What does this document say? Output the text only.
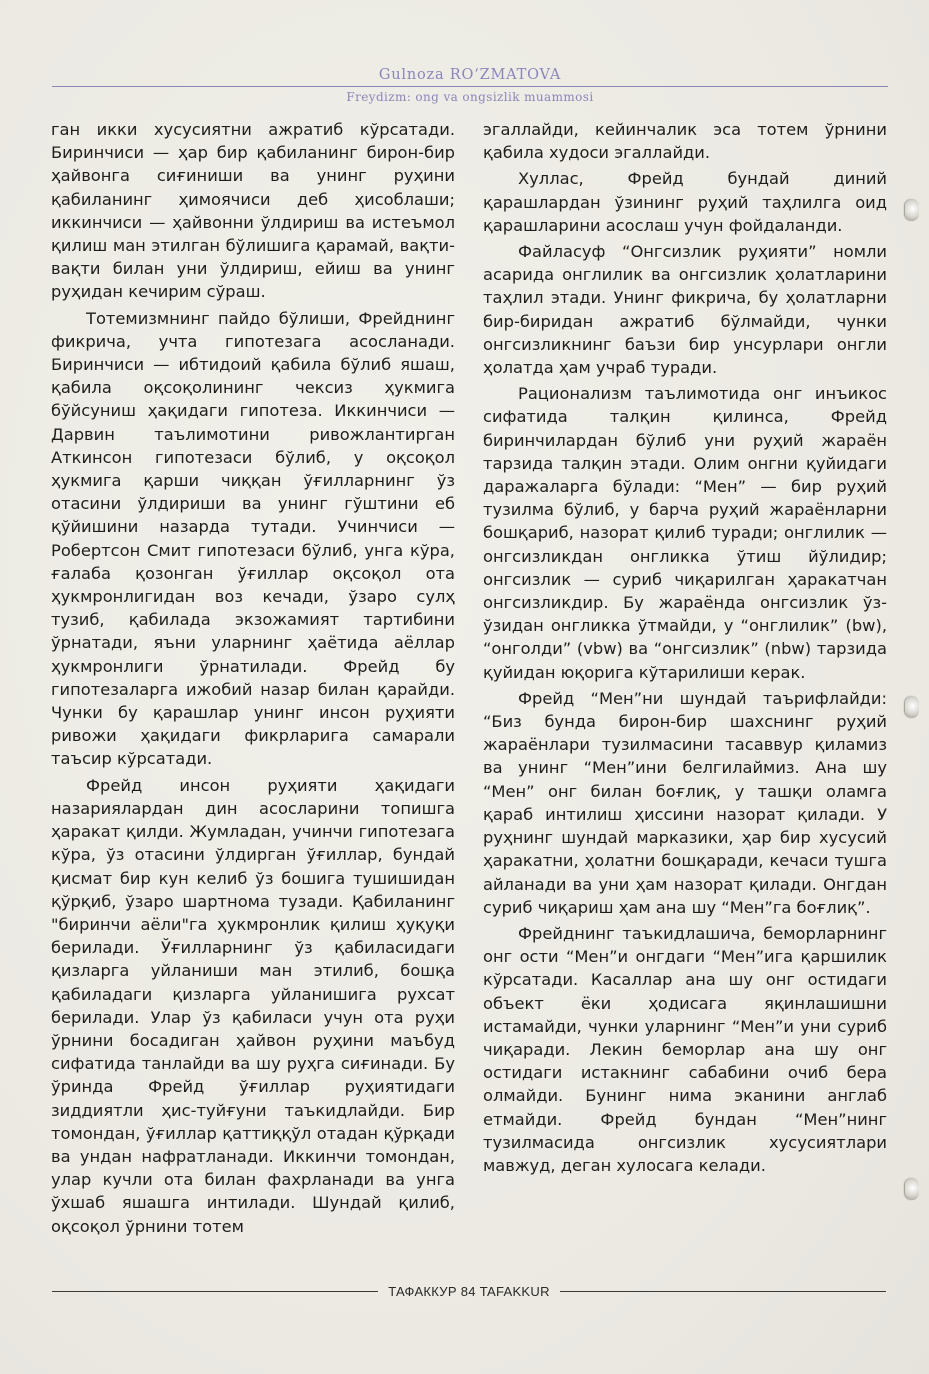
Gulnoza RO‘ZMATOVA
Freydizm: ong va ongsizlik muammosi

ган икки хусусиятни ажратиб кўрсатади. Биринчиси — ҳар бир қабиланинг бирон-бир ҳайвонга сиғиниши ва унинг руҳини қабиланинг ҳимоячиси деб ҳисоблаши; иккинчиси — ҳайвонни ўлдириш ва истеъмол қилиш ман этилган бўлишига қарамай, вақти-вақти билан уни ўлдириш, ейиш ва унинг руҳидан кечирим сўраш.

Тотемизмнинг пайдо бўлиши, Фрейднинг фикрича, учта гипотезага асосланади. Биринчиси — ибтидоий қабила бўлиб яшаш, қабила оқсоқолининг чексиз ҳукмига бўйсуниш ҳақидаги гипотеза. Иккинчиси — Дарвин таълимотини ривожлантирган Аткинсон гипотезаси бўлиб, у оқсоқол ҳукмига қарши чиққан ўғилларнинг ўз отасини ўлдириши ва унинг гўштини еб қўйишини назарда тутади. Учинчиси — Робертсон Смит гипотезаси бўлиб, унга кўра, ғалаба қозонган ўғиллар оқсоқол ота ҳукмронлигидан воз кечади, ўзаро сулҳ тузиб, қабилада экзожамият тартибини ўрнатади, яъни уларнинг ҳаётида аёллар ҳукмронлиги ўрнатилади. Фрейд бу гипотезаларга ижобий назар билан қарайди. Чунки бу қарашлар унинг инсон руҳияти ривожи ҳақидаги фикрларига самарали таъсир кўрсатади.

Фрейд инсон руҳияти ҳақидаги назариялардан дин асосларини топишга ҳаракат қилди. Жумладан, учинчи гипотезага кўра, ўз отасини ўлдирган ўғиллар, бундай қисмат бир кун келиб ўз бошига тушишидан қўрқиб, ўзаро шартнома тузади. Қабиланинг "биринчи аёли"га ҳукмронлик қилиш ҳуқуқи берилади. Ўғилларнинг ўз қабиласидаги қизларга уйланиши ман этилиб, бошқа қабиладаги қизларга уйланишига рухсат берилади. Улар ўз қабиласи учун ота руҳи ўрнини босадиган ҳайвон руҳини маъбуд сифатида танлайди ва шу руҳга сиғинади. Бу ўринда Фрейд ўғиллар руҳиятидаги зиддиятли ҳис-туйғуни таъкидлайди. Бир томондан, ўғиллар қаттиққўл отадан қўрқади ва ундан нафратланади. Иккинчи томондан, улар кучли ота билан фахрланади ва унга ўхшаб яшашга интилади. Шундай қилиб, оқсоқол ўрнини тотем

эгаллайди, кейинчалик эса тотем ўрнини қабила худоси эгаллайди.

Хуллас, Фрейд бундай диний қарашлардан ўзининг руҳий таҳлилга оид қарашларини асослаш учун фойдаланди.

Файласуф “Онгсизлик руҳияти” номли асарида онглилик ва онгсизлик ҳолатларини таҳлил этади. Унинг фикрича, бу ҳолатларни бир-биридан ажратиб бўлмайди, чунки онгсизликнинг баъзи бир унсурлари онгли ҳолатда ҳам учраб туради.

Рационализм таълимотида онг инъикос сифатида талқин қилинса, Фрейд биринчилардан бўлиб уни руҳий жараён тарзида талқин этади. Олим онгни қуйидаги даражаларга бўлади: “Мен” — бир руҳий тузилма бўлиб, у барча руҳий жараёнларни бошқариб, назорат қилиб туради; онглилик — онгсизликдан онгликка ўтиш йўлидир; онгсизлик — суриб чиқарилган ҳаракатчан онгсизликдир. Бу жараёнда онгсизлик ўз-ўзидан онгликка ўтмайди, у “онглилик” (bw), “онголди” (vbw) ва “онгсизлик” (nbw) тарзида қуйидан юқорига кўтарилиши керак.

Фрейд “Мен”ни шундай таърифлайди: “Биз бунда бирон-бир шахснинг руҳий жараёнлари тузилмасини тасаввур қиламиз ва унинг “Мен”ини белгилаймиз. Ана шу “Мен” онг билан боғлиқ, у ташқи оламга қараб интилиш ҳиссини назорат қилади. У руҳнинг шундай марказики, ҳар бир хусусий ҳаракатни, ҳолатни бошқаради, кечаси тушга айланади ва уни ҳам назорат қилади. Онгдан суриб чиқариш ҳам ана шу “Мен”га боғлиқ”.

Фрейднинг таъкидлашича, беморларнинг онг ости “Мен”и онгдаги “Мен”ига қаршилик кўрсатади. Касаллар ана шу онг остидаги объект ёки ҳодисага яқинлашишни истамайди, чунки уларнинг “Мен”и уни суриб чиқаради. Лекин беморлар ана шу онг остидаги истакнинг сабабини очиб бера олмайди. Бунинг нима эканини англаб етмайди. Фрейд бундан “Мен”нинг тузилмасида онгсизлик хусусиятлари мавжуд, деган хулосага келади.

ТАФАККУР 84 TAFAKKUR
